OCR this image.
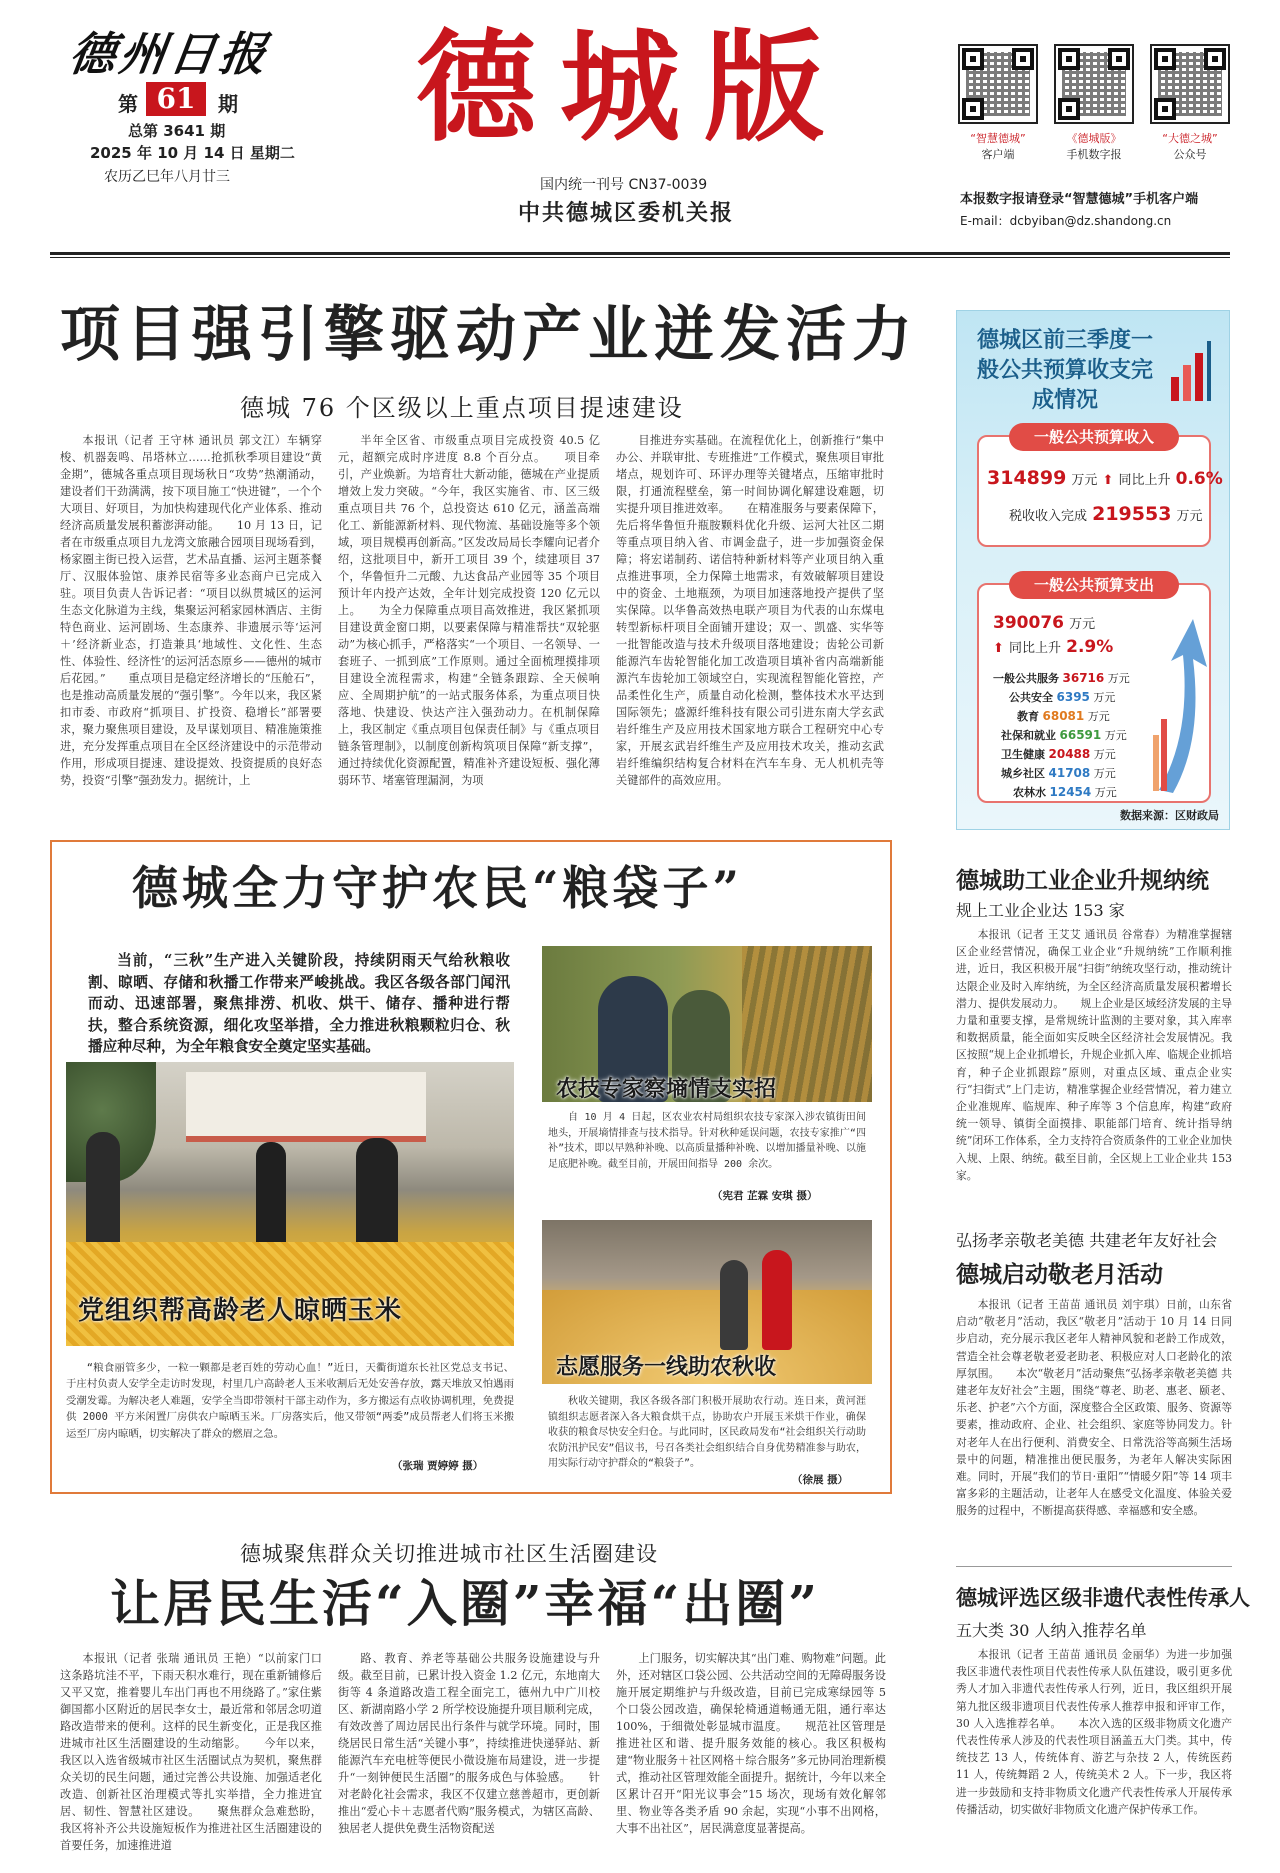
德州日报
第 61	期
总第 3641 期
2025 年 10 月 14 日 星期二
农历乙巳年八月廿三
德城版
国内统一刊号 CN37-0039
中共德城区委机关报
“智慧德城”
客户端
《德城版》
手机数字报
“大德之城”
公众号
本报数字报请登录“智慧德城”手机客户端
E-mail：dcbyiban@dz.shandong.cn
项目强引擎驱动产业迸发活力
德城 76 个区级以上重点项目提速建设
本报讯（记者 王守林 通讯员 郭文江）车辆穿梭、机器轰鸣、吊塔林立……抢抓秋季项目建设“黄金期”，德城各重点项目现场秋日“攻势”热潮涌动，建设者们干劲满满，按下项目施工“快进键”，一个个大项目、好项目，为加快构建现代化产业体系、推动经济高质量发展积蓄澎湃动能。　　10 月 13 日，记者在市级重点项目九龙湾文旅融合园项目现场看到，杨家圈主街已投入运营，艺术品直播、运河主题茶餐厅、汉服体验馆、康养民宿等多业态商户已完成入驻。项目负责人告诉记者：“项目以纵贯城区的运河生态文化脉道为主线，集聚运河稻家园林酒店、主街特色商业、运河剧场、生态康养、非遗展示等‘运河＋’经济新业态，打造兼具‘地域性、文化性、生态性、体验性、经济性’的运河活态原乡——德州的城市后花园。”　　重点项目是稳定经济增长的“压舱石”，也是推动高质量发展的“强引擎”。今年以来，我区紧扣市委、市政府“抓项目、扩投资、稳增长”部署要求，聚力聚焦项目建设，及早谋划项目、精准施策推进，充分发挥重点项目在全区经济建设中的示范带动作用，形成项目提速、建设提效、投资提质的良好态势，投资“引擎”强劲发力。据统计，上
半年全区省、市级重点项目完成投资 40.5 亿元，超额完成时序进度 8.8 个百分点。　　项目牵引，产业焕新。为培育壮大新动能，德城在产业提质增效上发力突破。“今年，我区实施省、市、区三级重点项目共 76 个，总投资达 610 亿元，涵盖高端化工、新能源新材料、现代物流、基础设施等多个领域，项目规模再创新高。”区发改局局长李耀向记者介绍，这批项目中，新开工项目 39 个，续建项目 37 个，华鲁恒升二元酸、九达食品产业园等 35 个项目预计年内投产达效，全年计划完成投资 120 亿元以上。　　为全力保障重点项目高效推进，我区紧抓项目建设黄金窗口期，以要素保障与精准帮扶“双轮驱动”为核心抓手，严格落实“一个项目、一名领导、一套班子、一抓到底”工作原则。通过全面梳理摸排项目建设全流程需求，构建“全链条跟踪、全天候响应、全周期护航”的一站式服务体系，为重点项目快落地、快建设、快达产注入强劲动力。在机制保障上，我区制定《重点项目包保责任制》与《重点项目链条管理制》，以制度创新构筑项目保障“新支撑”，通过持续优化资源配置，精准补齐建设短板、强化薄弱环节、堵塞管理漏洞，为项
目推进夯实基础。在流程优化上，创新推行“集中办公、并联审批、专班推进”工作模式，聚焦项目审批堵点，规划许可、环评办理等关键堵点，压缩审批时限，打通流程壁垒，第一时间协调化解建设难题，切实提升项目推进效率。　　在精准服务与要素保障下，先后将华鲁恒升瓶胺颗料优化升级、运河大社区二期等重点项目纳入省、市调金盘子，进一步加强资金保障；将宏诺制药、诺信特种新材料等产业项目纳入重点推进事项，全力保障土地需求，有效破解项目建设中的资金、土地瓶颈，为项目加速落地投产提供了坚实保障。以华鲁高效热电联产项目为代表的山东煤电转型新标杆项目全面铺开建设；双一、凯盛、实华等一批智能改造与技术升级项目落地建设；齿轮公司新能源汽车齿轮智能化加工改造项目填补省内高端新能源汽车齿轮加工领域空白，实现流程智能化管控，产品柔性化生产，质量自动化检测，整体技术水平达到国际领先；盛源纤维科技有限公司引进东南大学玄武岩纤维生产及应用技术国家地方联合工程研究中心专家，开展玄武岩纤维生产及应用技术攻关，推动玄武岩纤维编织结构复合材料在汽车车身、无人机机壳等关键部件的高效应用。
德城区前三季度一般公共预算收支完成情况
一般公共预算收入
314899 万元 ⬆ 同比上升 0.6%
税收收入完成 219553 万元
一般公共预算支出
390076 万元
⬆ 同比上升 2.9%
一般公共服务 36716 万元
公共安全 6395 万元
教育 68081 万元
社保和就业 66591 万元
卫生健康 20488 万元
城乡社区 41708 万元
农林水 12454 万元
数据来源：区财政局
德城全力守护农民“粮袋子”
当前，“三秋”生产进入关键阶段，持续阴雨天气给秋粮收割、晾晒、存储和秋播工作带来严峻挑战。我区各级各部门闻汛而动、迅速部署，聚焦排涝、机收、烘干、储存、播种进行帮扶，整合系统资源，细化攻坚举措，全力推进秋粮颗粒归仓、秋播应种尽种，为全年粮食安全奠定坚实基础。
党组织帮高龄老人晾晒玉米
“粮食丽管多少，一粒一颗都是老百姓的劳动心血！”近日，天衢街道东长社区党总支书记、于庄村负责人安学全走访时发现，村里几户高龄老人玉米收割后无处安善存放，露天堆放又怕遇雨受潮发霉。为解决老人难题，安学全当即带领村干部主动作为，多方搬运有点收协调机理，免费提供 2000 平方米闲置厂房供农户晾晒玉米。厂房落实后，他又带领“两委”成员帮老人们将玉米搬运至厂房内晾晒，切实解决了群众的燃眉之急。
（张瑞 贾婷婷 摄）
农技专家察墒情支实招
自 10 月 4 日起，区农业农村局组织农技专家深入涉农镇街田间地头，开展墒情排查与技术指导。针对秋种延误问题，农技专家推广“四补”技术，即以早熟种补晚、以高质量播种补晚、以增加播量补晚、以施足底肥补晚。截至目前，开展田间指导 200 余次。
（宪君 芷霖 安琪 摄）
志愿服务一线助农秋收
秋收关键期，我区各级各部门积极开展助农行动。连日来，黄河涯镇组织志愿者深入各大粮食烘干点，协助农户开展玉米烘干作业，确保收获的粮食尽快安全归仓。与此同时，区民政局发布“社会组织关行动助农防汛护民安”倡议书，号召各类社会组织结合自身优势精准参与助农，用实际行动守护群众的“粮袋子”。
（徐展 摄）
德城助工业企业升规纳统
规上工业企业达 153 家
本报讯（记者 王艾艾 通讯员 谷常春）为精准掌握辖区企业经营情况，确保工业企业“升规纳统”工作顺利推进，近日，我区积极开展“扫街”纳统攻坚行动，推动统计达限企业及时入库纳统，为全区经济高质量发展积蓄增长潜力、提供发展动力。　　规上企业是区域经济发展的主导力量和重要支撑，是常规统计监测的主要对象，其入库率和数据质量，能全面如实反映全区经济社会发展情况。我区按照“规上企业抓增长，升规企业抓入库、临规企业抓培育，种子企业抓跟踪”原则，对重点区域、重点企业实行“扫街式”上门走访，精准掌握企业经营情况，着力建立企业准规库、临规库、种子库等 3 个信息库，构建“政府统一领导、镇街全面摸排、职能部门培育、统计指导纳统”闭环工作体系，全力支持符合资质条件的工业企业加快入规、上限、纳统。截至目前，全区规上工业企业共 153 家。
弘扬孝亲敬老美德 共建老年友好社会
德城启动敬老月活动
本报讯（记者 王苗苗 通讯员 刘宇琪）日前，山东省启动“敬老月”活动，我区“敬老月”活动于 10 月 14 日同步启动，充分展示我区老年人精神风貌和老龄工作成效，营造全社会尊老敬老爱老助老、积极应对人口老龄化的浓厚氛围。　　本次“敬老月”活动聚焦“弘扬孝亲敬老美德 共建老年友好社会”主题，围绕“尊老、助老、惠老、颐老、乐老、护老”六个方面，深度整合全区政策、服务、资源等要素，推动政府、企业、社会组织、家庭等协同发力。针对老年人在出行便利、消费安全、日常洗浴等高频生活场景中的问题，精准推出便民服务，为老年人解决实际困难。同时，开展“我们的节日·重阳”“情暖夕阳”等 14 项丰富多彩的主题活动，让老年人在感受文化温度、体验关爱服务的过程中，不断提高获得感、幸福感和安全感。
德城评选区级非遗代表性传承人
五大类 30 人纳入推荐名单
本报讯（记者 王苗苗 通讯员 金丽华）为进一步加强我区非遗代表性项目代表性传承人队伍建设，吸引更多优秀人才加入非遗代表性传承人行列，近日，我区组织开展第九批区级非遗项目代表性传承人推荐申报和评审工作，30 人入选推荐名单。　　本次入选的区级非物质文化遗产代表性传承人涉及的代表性项目涵盖五大门类。其中，传统技艺 13 人，传统体育、游艺与杂技 2 人，传统医药 11 人，传统舞蹈 2 人，传统美术 2 人。下一步，我区将进一步鼓励和支持非物质文化遗产代表性传承人开展传承传播活动，切实做好非物质文化遗产保护传承工作。
德城聚焦群众关切推进城市社区生活圈建设
让居民生活“入圈”幸福“出圈”
本报讯（记者 张瑞 通讯员 王艳）“以前家门口这条路坑洼不平，下雨天积水难行，现在重新铺修后又平又宽，推着婴儿车出门再也不用绕路了。”家住紫御国都小区附近的居民李女士，最近常和邻居念叨道路改造带来的便利。这样的民生新变化，正是我区推进城市社区生活圈建设的生动缩影。　　今年以来，我区以入选省级城市社区生活圈试点为契机，聚焦群众关切的民生问题，通过完善公共设施、加强适老化改造、创新社区治理模式等扎实举措，全力推进宜居、韧性、智慧社区建设。　　聚焦群众急难愁盼，我区将补齐公共设施短板作为推进社区生活圈建设的首要任务，加速推进道
路、教育、养老等基础公共服务设施建设与升级。截至目前，已累计投入资金 1.2 亿元，东地南大街等 4 条道路改造工程全面完工，德州九中广川校区、新湖南路小学 2 所学校设施提升项目顺利完成，有效改善了周边居民出行条件与就学环境。同时，围绕居民日常生活“关键小事”，持续推进快递驿站、新能源汽车充电桩等便民小微设施布局建设，进一步提升“一刻钟便民生活圈”的服务成色与体验感。　　针对老龄化社会需求，我区不仅建立慈善超市，更创新推出“爱心卡＋志愿者代购”服务模式，为辖区高龄、独居老人提供免费生活物资配送
上门服务，切实解决其“出门难、购物难”问题。此外，还对辖区口袋公园、公共活动空间的无障碍服务设施开展定期维护与升级改造，目前已完成寒绿园等 5 个口袋公园改造，确保轮椅通道畅通无阻，通行率达 100%，于细微处彰显城市温度。　　规范社区管理是推进社区和谐、提升服务效能的核心。我区积极构建“物业服务＋社区网格＋综合服务”多元协同治理新模式，推动社区管理效能全面提升。据统计，今年以来全区累计召开“阳光议事会”15 场次，现场有效化解邻里、物业等各类矛盾 90 余起，实现“小事不出网格，大事不出社区”，居民满意度显著提高。
